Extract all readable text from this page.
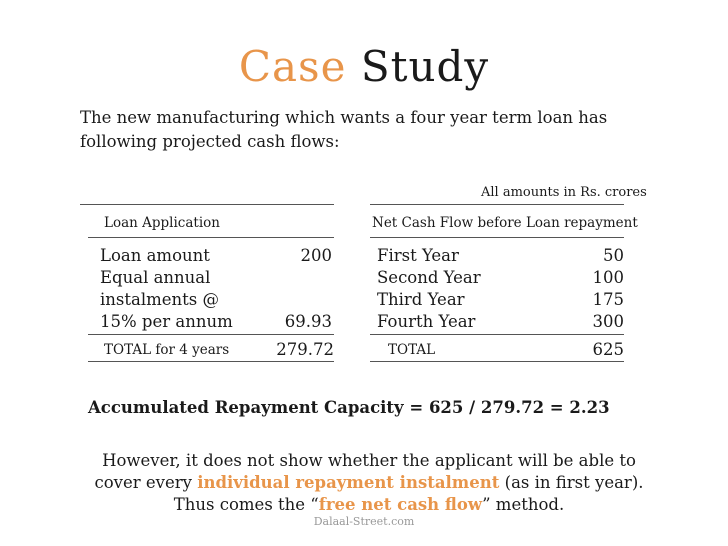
Case Study
The new manufacturing which wants a four year term loan has
following projected cash flows:
All amounts in Rs. crores
Loan Application
Loan amount	200
Equal annual
instalments @
15% per annum	69.93
TOTAL for 4 years	279.72
Net Cash Flow before Loan repayment
First Year	50
Second Year	100
Third Year	175
Fourth Year	300
TOTAL	625
Accumulated Repayment Capacity = 625 / 279.72 = 2.23
However, it does not show whether the applicant will be able to
cover every individual repayment instalment (as in first year).
Thus comes the “free net cash flow” method.
Dalaal-Street.com
